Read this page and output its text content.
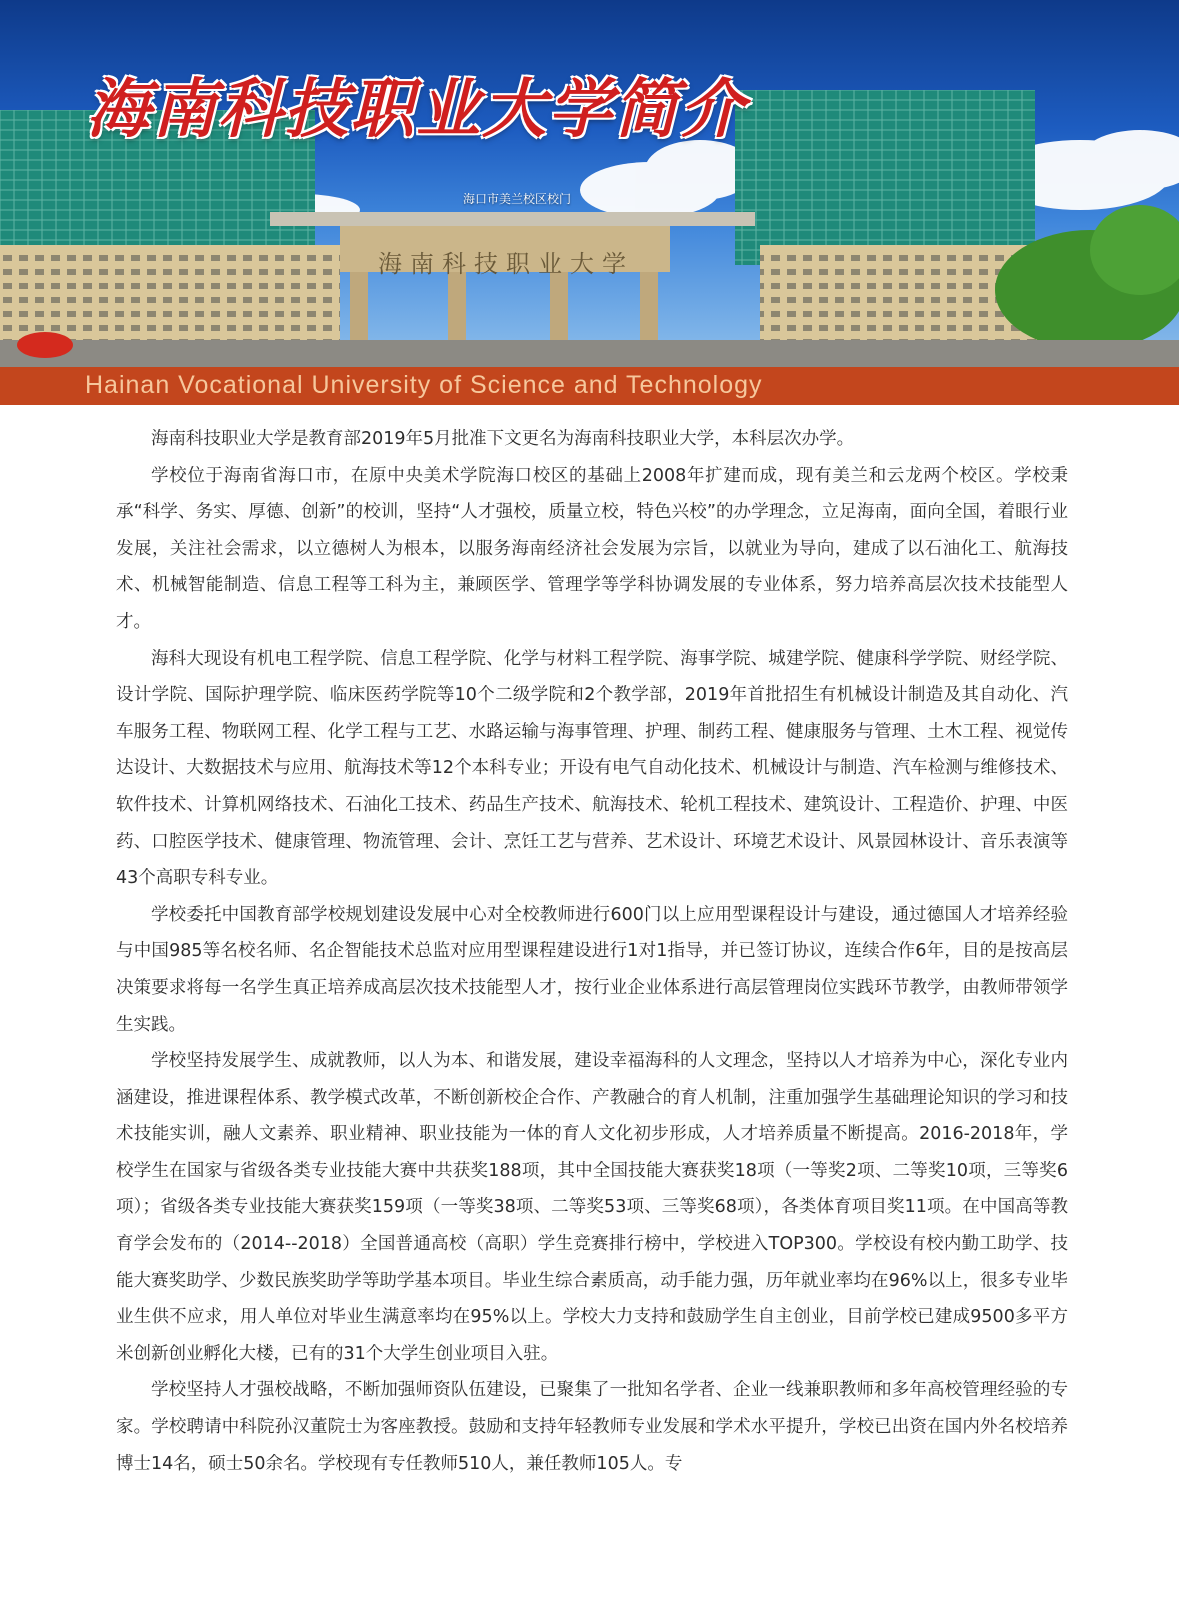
海南科技职业大学简介
海口市美兰校区校门
海南科技职业大学
Hainan Vocational University of Science and Technology

海南科技职业大学是教育部2019年5月批准下文更名为海南科技职业大学，本科层次办学。

学校位于海南省海口市，在原中央美术学院海口校区的基础上2008年扩建而成，现有美兰和云龙两个校区。学校秉承“科学、务实、厚德、创新”的校训，坚持“人才强校，质量立校，特色兴校”的办学理念，立足海南，面向全国，着眼行业发展，关注社会需求，以立德树人为根本，以服务海南经济社会发展为宗旨，以就业为导向，建成了以石油化工、航海技术、机械智能制造、信息工程等工科为主，兼顾医学、管理学等学科协调发展的专业体系，努力培养高层次技术技能型人才。

海科大现设有机电工程学院、信息工程学院、化学与材料工程学院、海事学院、城建学院、健康科学学院、财经学院、设计学院、国际护理学院、临床医药学院等10个二级学院和2个教学部，2019年首批招生有机械设计制造及其自动化、汽车服务工程、物联网工程、化学工程与工艺、水路运输与海事管理、护理、制药工程、健康服务与管理、土木工程、视觉传达设计、大数据技术与应用、航海技术等12个本科专业；开设有电气自动化技术、机械设计与制造、汽车检测与维修技术、软件技术、计算机网络技术、石油化工技术、药品生产技术、航海技术、轮机工程技术、建筑设计、工程造价、护理、中医药、口腔医学技术、健康管理、物流管理、会计、烹饪工艺与营养、艺术设计、环境艺术设计、风景园林设计、音乐表演等43个高职专科专业。

学校委托中国教育部学校规划建设发展中心对全校教师进行600门以上应用型课程设计与建设，通过德国人才培养经验与中国985等名校名师、名企智能技术总监对应用型课程建设进行1对1指导，并已签订协议，连续合作6年，目的是按高层决策要求将每一名学生真正培养成高层次技术技能型人才，按行业企业体系进行高层管理岗位实践环节教学，由教师带领学生实践。

学校坚持发展学生、成就教师，以人为本、和谐发展，建设幸福海科的人文理念，坚持以人才培养为中心，深化专业内涵建设，推进课程体系、教学模式改革，不断创新校企合作、产教融合的育人机制，注重加强学生基础理论知识的学习和技术技能实训，融人文素养、职业精神、职业技能为一体的育人文化初步形成，人才培养质量不断提高。2016-2018年，学校学生在国家与省级各类专业技能大赛中共获奖188项，其中全国技能大赛获奖18项（一等奖2项、二等奖10项，三等奖6项）；省级各类专业技能大赛获奖159项（一等奖38项、二等奖53项、三等奖68项），各类体育项目奖11项。在中国高等教育学会发布的（2014--2018）全国普通高校（高职）学生竞赛排行榜中，学校进入TOP300。学校设有校内勤工助学、技能大赛奖助学、少数民族奖助学等助学基本项目。毕业生综合素质高，动手能力强，历年就业率均在96%以上，很多专业毕业生供不应求，用人单位对毕业生满意率均在95%以上。学校大力支持和鼓励学生自主创业，目前学校已建成9500多平方米创新创业孵化大楼，已有的31个大学生创业项目入驻。

学校坚持人才强校战略，不断加强师资队伍建设，已聚集了一批知名学者、企业一线兼职教师和多年高校管理经验的专家。学校聘请中科院孙汉董院士为客座教授。鼓励和支持年轻教师专业发展和学术水平提升，学校已出资在国内外名校培养博士14名，硕士50余名。学校现有专任教师510人，兼任教师105人。专
